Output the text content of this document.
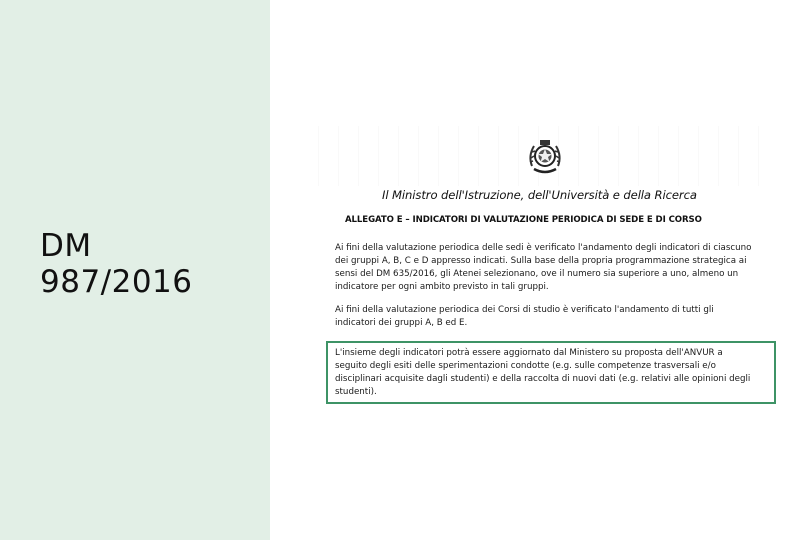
DM
987/2016

Il Ministro dell'Istruzione, dell'Università e della Ricerca

ALLEGATO E – INDICATORI DI VALUTAZIONE PERIODICA DI SEDE E DI CORSO

Ai fini della valutazione periodica delle sedi è verificato l'andamento degli indicatori di ciascuno

dei gruppi A, B, C e D appresso indicati. Sulla base della propria programmazione strategica ai

sensi del DM 635/2016, gli Atenei selezionano, ove il numero sia superiore a uno, almeno un

indicatore per ogni ambito previsto in tali gruppi.

Ai fini della valutazione periodica dei Corsi di studio è verificato l'andamento di tutti gli

indicatori dei gruppi A, B ed E.

L'insieme degli indicatori potrà essere aggiornato dal Ministero su proposta dell'ANVUR a

seguito degli esiti delle sperimentazioni condotte (e.g. sulle competenze trasversali e/o

disciplinari acquisite dagli studenti) e della raccolta di nuovi dati (e.g. relativi alle opinioni degli

studenti).
